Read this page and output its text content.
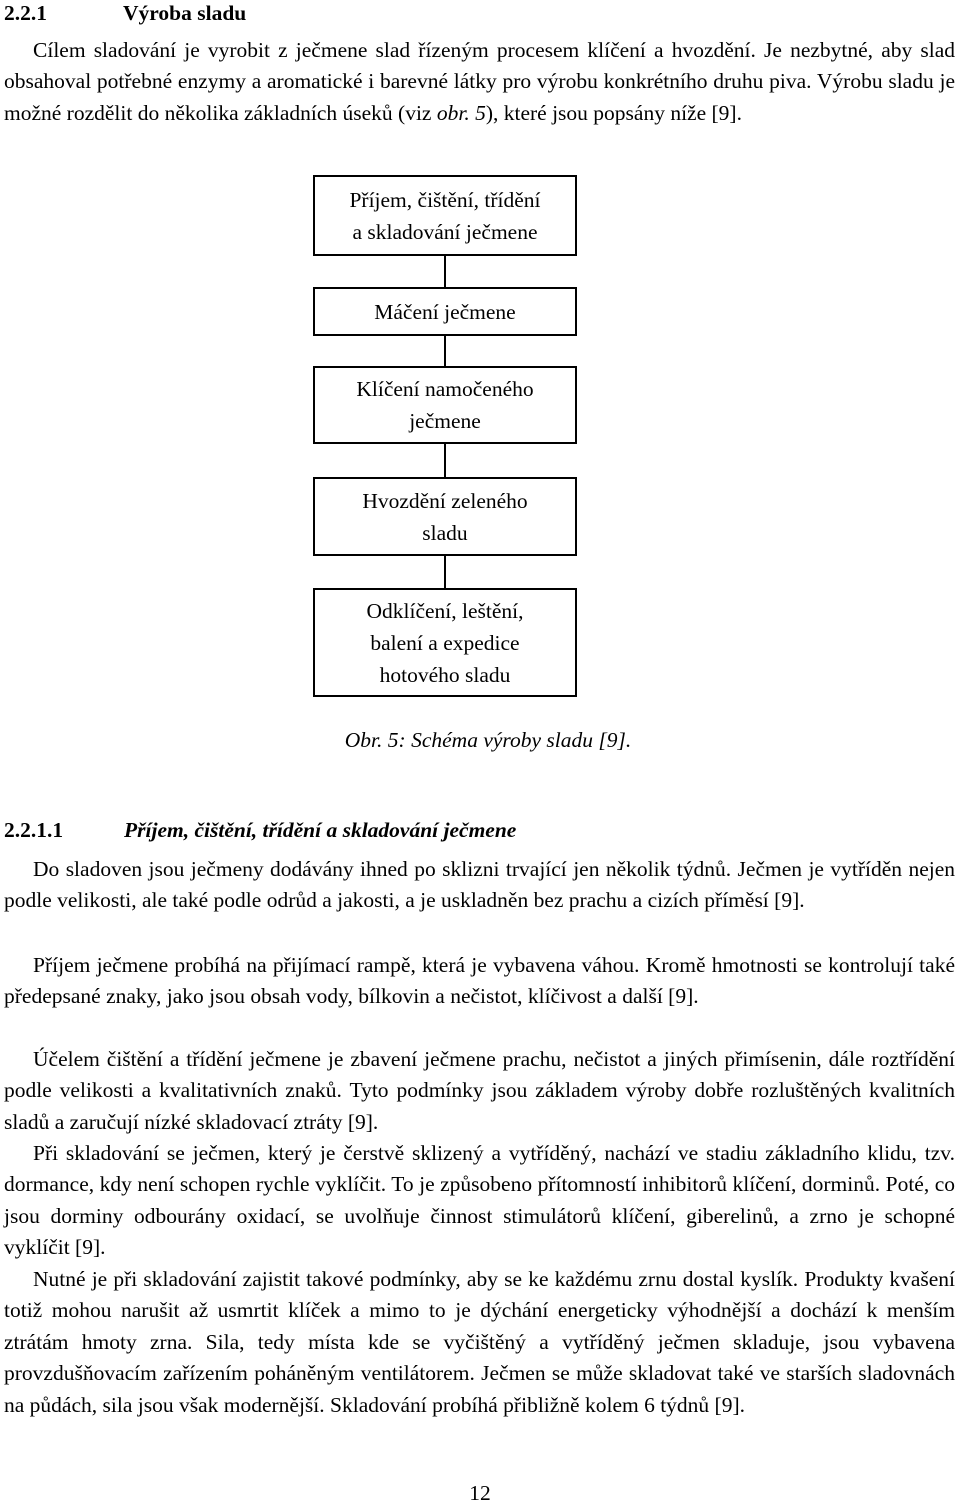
2.2.1	Výroba sladu

Cílem sladování je vyrobit z ječmene slad řízeným procesem klíčení a hvozdění. Je nezbytné, aby slad obsahoval potřebné enzymy a aromatické i barevné látky pro výrobu konkrétního druhu piva. Výrobu sladu je možné rozdělit do několika základních úseků (viz obr. 5), které jsou popsány níže [9].

Příjem, čištění, třídění
a skladování ječmene
Máčení ječmene
Klíčení namočeného
ječmene
Hvozdění zeleného
sladu
Odklíčení, leštění,
balení a expedice
hotového sladu
Obr. 5: Schéma výroby sladu [9].
2.2.1.1	Příjem, čištění, třídění a skladování ječmene

Do sladoven jsou ječmeny dodávány ihned po sklizni trvající jen několik týdnů. Ječmen je vytříděn nejen podle velikosti, ale také podle odrůd a jakosti, a je uskladněn bez prachu a cizích příměsí [9].

Příjem ječmene probíhá na přijímací rampě, která je vybavena váhou. Kromě hmotnosti se kontrolují také předepsané znaky, jako jsou obsah vody, bílkovin a nečistot, klíčivost a další [9].

Účelem čištění a třídění ječmene je zbavení ječmene prachu, nečistot a jiných přimísenin, dále roztřídění podle velikosti a kvalitativních znaků. Tyto podmínky jsou základem výroby dobře rozluštěných kvalitních sladů a zaručují nízké skladovací ztráty [9].

Při skladování se ječmen, který je čerstvě sklizený a vytříděný, nachází ve stadiu základního klidu, tzv. dormance, kdy není schopen rychle vyklíčit. To je způsobeno přítomností inhibitorů klíčení, dorminů. Poté, co jsou dorminy odbourány oxidací, se uvolňuje činnost stimulátorů klíčení, giberelinů, a zrno je schopné vyklíčit [9].

Nutné je při skladování zajistit takové podmínky, aby se ke každému zrnu dostal kyslík. Produkty kvašení totiž mohou narušit až usmrtit klíček a mimo to je dýchání energeticky výhodnější a dochází k menším ztrátám hmoty zrna. Sila, tedy místa kde se vyčištěný a vytříděný ječmen skladuje, jsou vybavena provzdušňovacím zařízením poháněným ventilátorem. Ječmen se může skladovat také ve starších sladovnách na půdách, sila jsou však modernější. Skladování probíhá přibližně kolem 6 týdnů [9].

12
